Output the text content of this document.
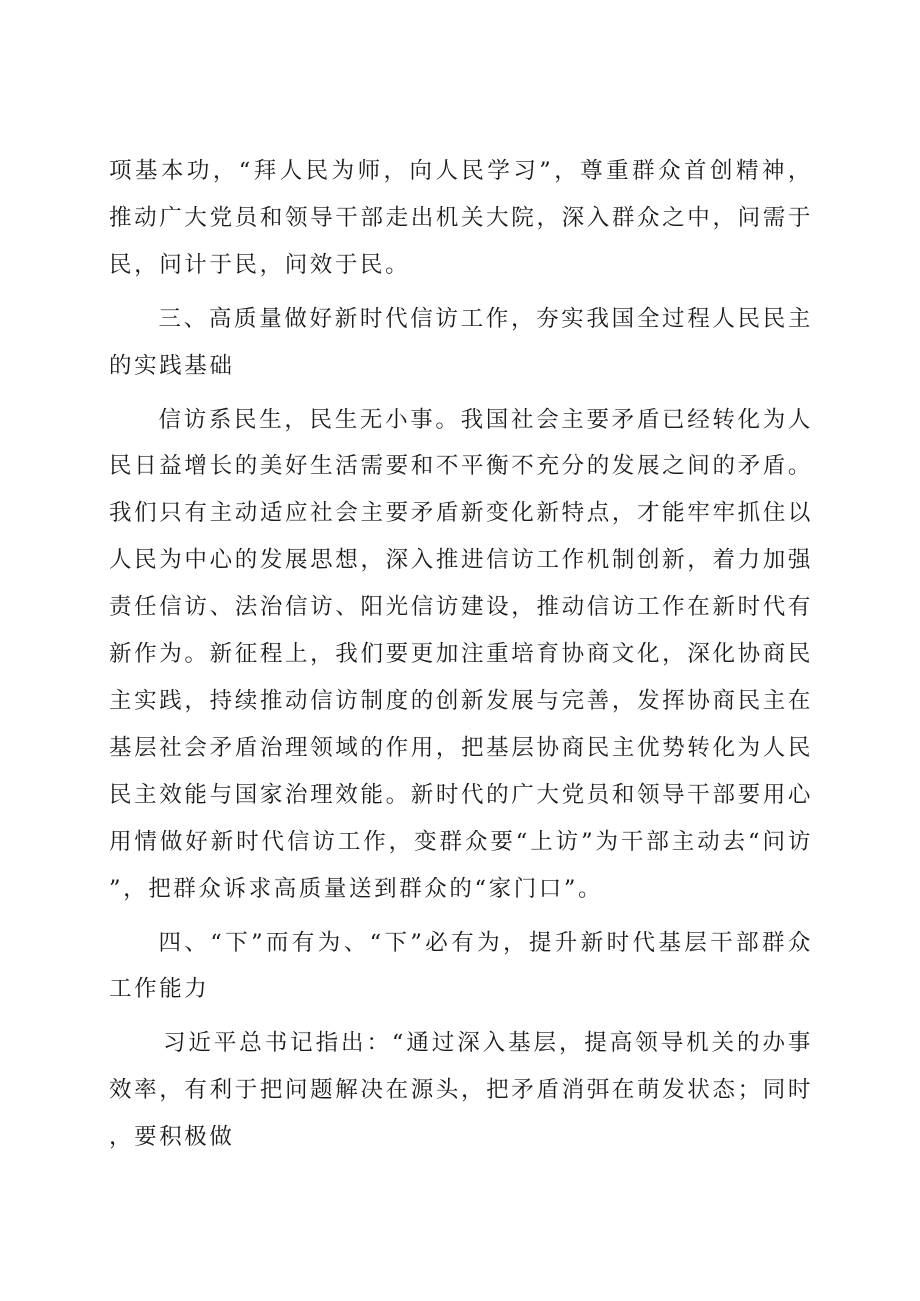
项基本功，“拜人民为师，向人民学习”，尊重群众首创精神，推动广大党员和领导干部走出机关大院，深入群众之中，问需于民，问计于民，问效于民。

三、高质量做好新时代信访工作，夯实我国全过程人民民主的实践基础

信访系民生，民生无小事。我国社会主要矛盾已经转化为人民日益增长的美好生活需要和不平衡不充分的发展之间的矛盾。我们只有主动适应社会主要矛盾新变化新特点，才能牢牢抓住以人民为中心的发展思想，深入推进信访工作机制创新，着力加强责任信访、法治信访、阳光信访建设，推动信访工作在新时代有新作为。新征程上，我们要更加注重培育协商文化，深化协商民主实践，持续推动信访制度的创新发展与完善，发挥协商民主在基层社会矛盾治理领域的作用，把基层协商民主优势转化为人民民主效能与国家治理效能。新时代的广大党员和领导干部要用心用情做好新时代信访工作，变群众要“上访”为干部主动去“问访”，把群众诉求高质量送到群众的“家门口”。

四、“下”而有为、“下”必有为，提升新时代基层干部群众工作能力

习近平总书记指出：“通过深入基层，提高领导机关的办事效率，有利于把问题解决在源头，把矛盾消弭在萌发状态；同时，要积极做
